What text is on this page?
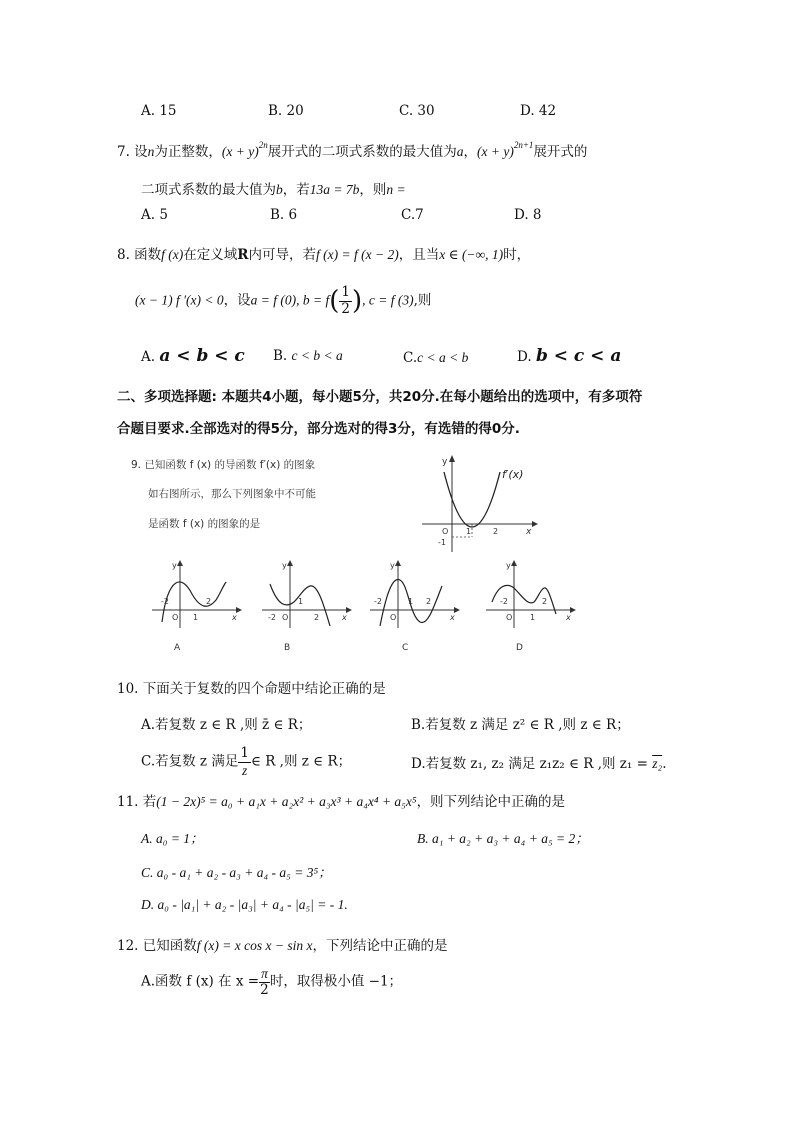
A. 15	B. 20	C. 30	D. 42
7. 设n为正整数，$(x + y)^{2n}$展开式的二项式系数的最大值为a，$(x + y)^{2n+1}$展开式的
二项式系数的最大值为b，若13a = 7b，则n =
A. 5	B. 6	C.7	D. 8
8. 函数f (x)在定义域R内可导，若f (x) = f (x − 2)，且当x ∈ (−∞, 1)时，
(x − 1) f ′(x) < 0，设a = f (0), $b = f( \frac{1}{2}$ ), c = f (3),则
A. a < b < c B. c < b < a	C.c < a < b	D. b < c < a
二、多项选择题: 本题共4小题，每小题5分，共20分.在每小题给出的选项中，有多项符
合题目要求.全部选对的得5分，部分选对的得3分，有选错的得0分.
9. 已知函数 f (x) 的导函数 f′(x) 的图象
如右图所示，那么下列图象中不可能
是函数 f (x) 的图象的是
y
x
f′(x)
O 1	2
-1
y
x
-2
O 1
2
A
y
x
-2 O
1
2
B
y
x
-2
O
1 2
C
y
x
-2
O 1
2
D
10. 下面关于复数的四个命题中结论正确的是
A.若复数 z ∈ R ,则 z̄ ∈ R；	B.若复数 z 满足 z² ∈ R ,则 z ∈ R；
C.若复数 z 满足 $\frac{1}{z}$ ∈ R ,则 z ∈ R；	D.若复数 z₁, z₂ 满足 z₁z₂ ∈ R ,则 z₁ = z₂.
11. 若(1 − 2x)⁵ = a₀ + a₁x + a₂x² + a₃x³ + a₄x⁴ + a₅x⁵，则下列结论中正确的是
A. a₀ = 1；	B. a₁ + a₂ + a₃ + a₄ + a₅ = 2；
C. a₀ - a₁ + a₂ - a₃ + a₄ - a₅ = 3⁵；
D. a₀ - |a₁| + a₂ - |a₃| + a₄ - |a₅| = - 1.
12. 已知函数f (x) = x cos x − sin x，下列结论中正确的是
A.函数 f (x) 在 $x = \frac{\pi}{2}$ 时，取得极小值 −1；
